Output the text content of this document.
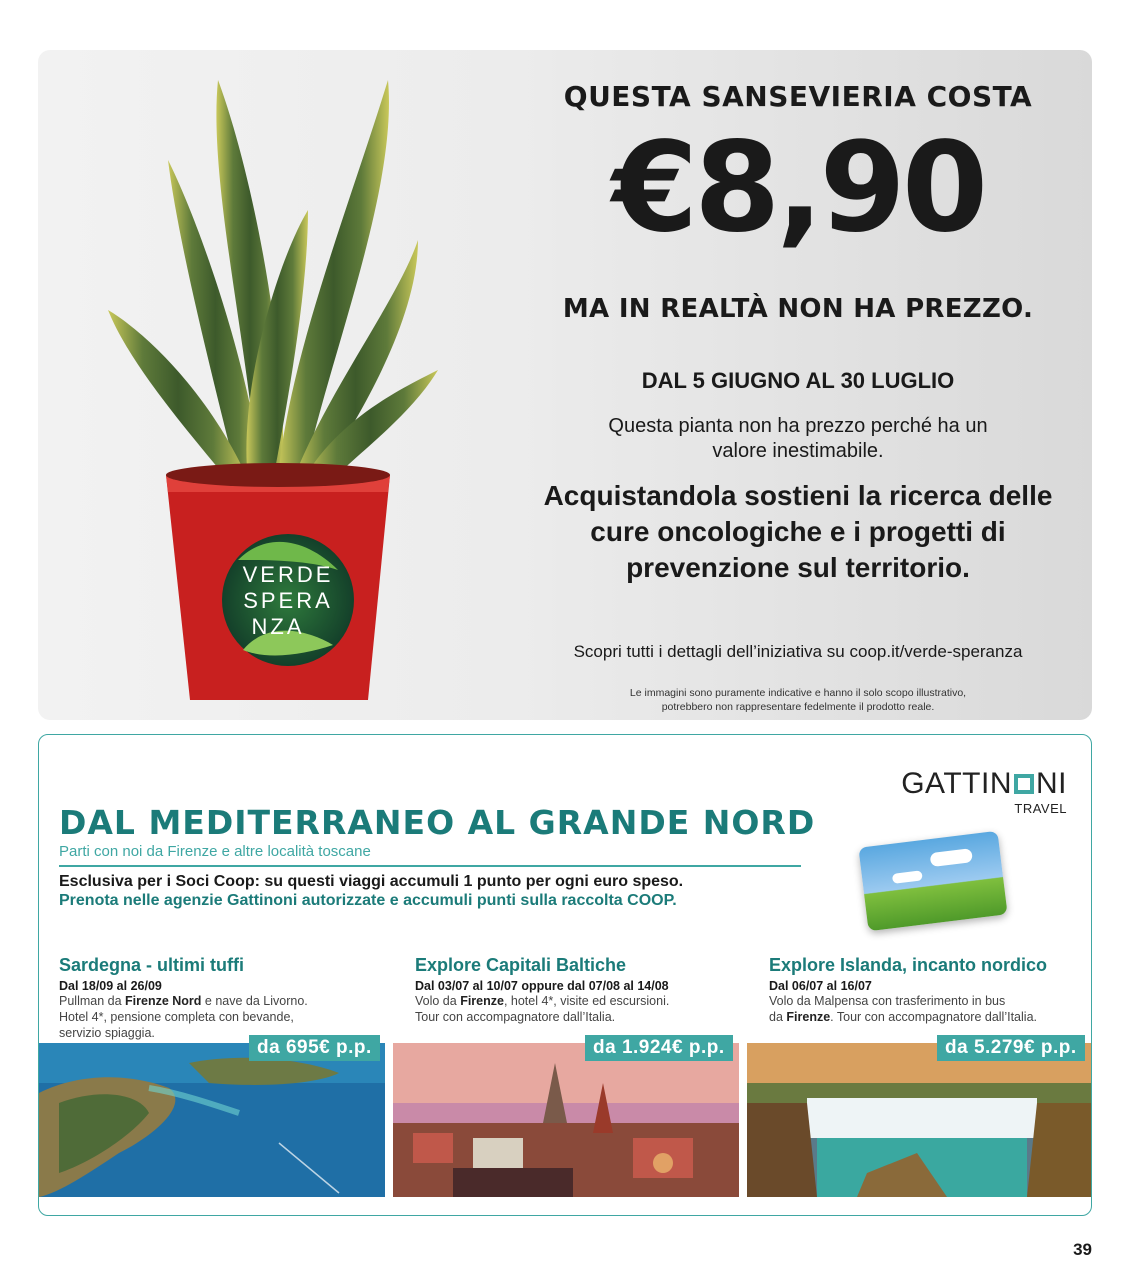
VERDE
SPERA
NZA
QUESTA SANSEVIERIA COSTA
€8,90
MA IN REALTÀ NON HA PREZZO.
DAL 5 GIUGNO AL 30 LUGLIO
Questa pianta non ha prezzo perché ha un valore inestimabile.
Acquistandola sostieni la ricerca delle cure oncologiche e i progetti di prevenzione sul territorio.
Scopri tutti i dettagli dell’iniziativa su coop.it/verde-speranza
Le immagini sono puramente indicative e hanno il solo scopo illustrativo, potrebbero non rappresentare fedelmente il prodotto reale.
GATTIN NI
TRAVEL
DAL MEDITERRANEO AL GRANDE NORD
Parti con noi da Firenze e altre località toscane
Esclusiva per i Soci Coop: su questi viaggi accumuli 1 punto per ogni euro speso.
Prenota nelle agenzie Gattinoni autorizzate e accumuli punti sulla raccolta COOP.
Sardegna - ultimi tuffi
Dal 18/09 al 26/09
Pullman da Firenze Nord e nave da Livorno.
Hotel 4*, pensione completa con bevande,
servizio spiaggia.
da 695€ p.p.
Explore Capitali Baltiche
Dal 03/07 al 10/07 oppure dal 07/08 al 14/08
Volo da Firenze, hotel 4*, visite ed escursioni.
Tour con accompagnatore dall’Italia.
da 1.924€ p.p.
Explore Islanda, incanto nordico
Dal 06/07 al 16/07
Volo da Malpensa con trasferimento in bus
da Firenze. Tour con accompagnatore dall’Italia.
da 5.279€ p.p.
39
